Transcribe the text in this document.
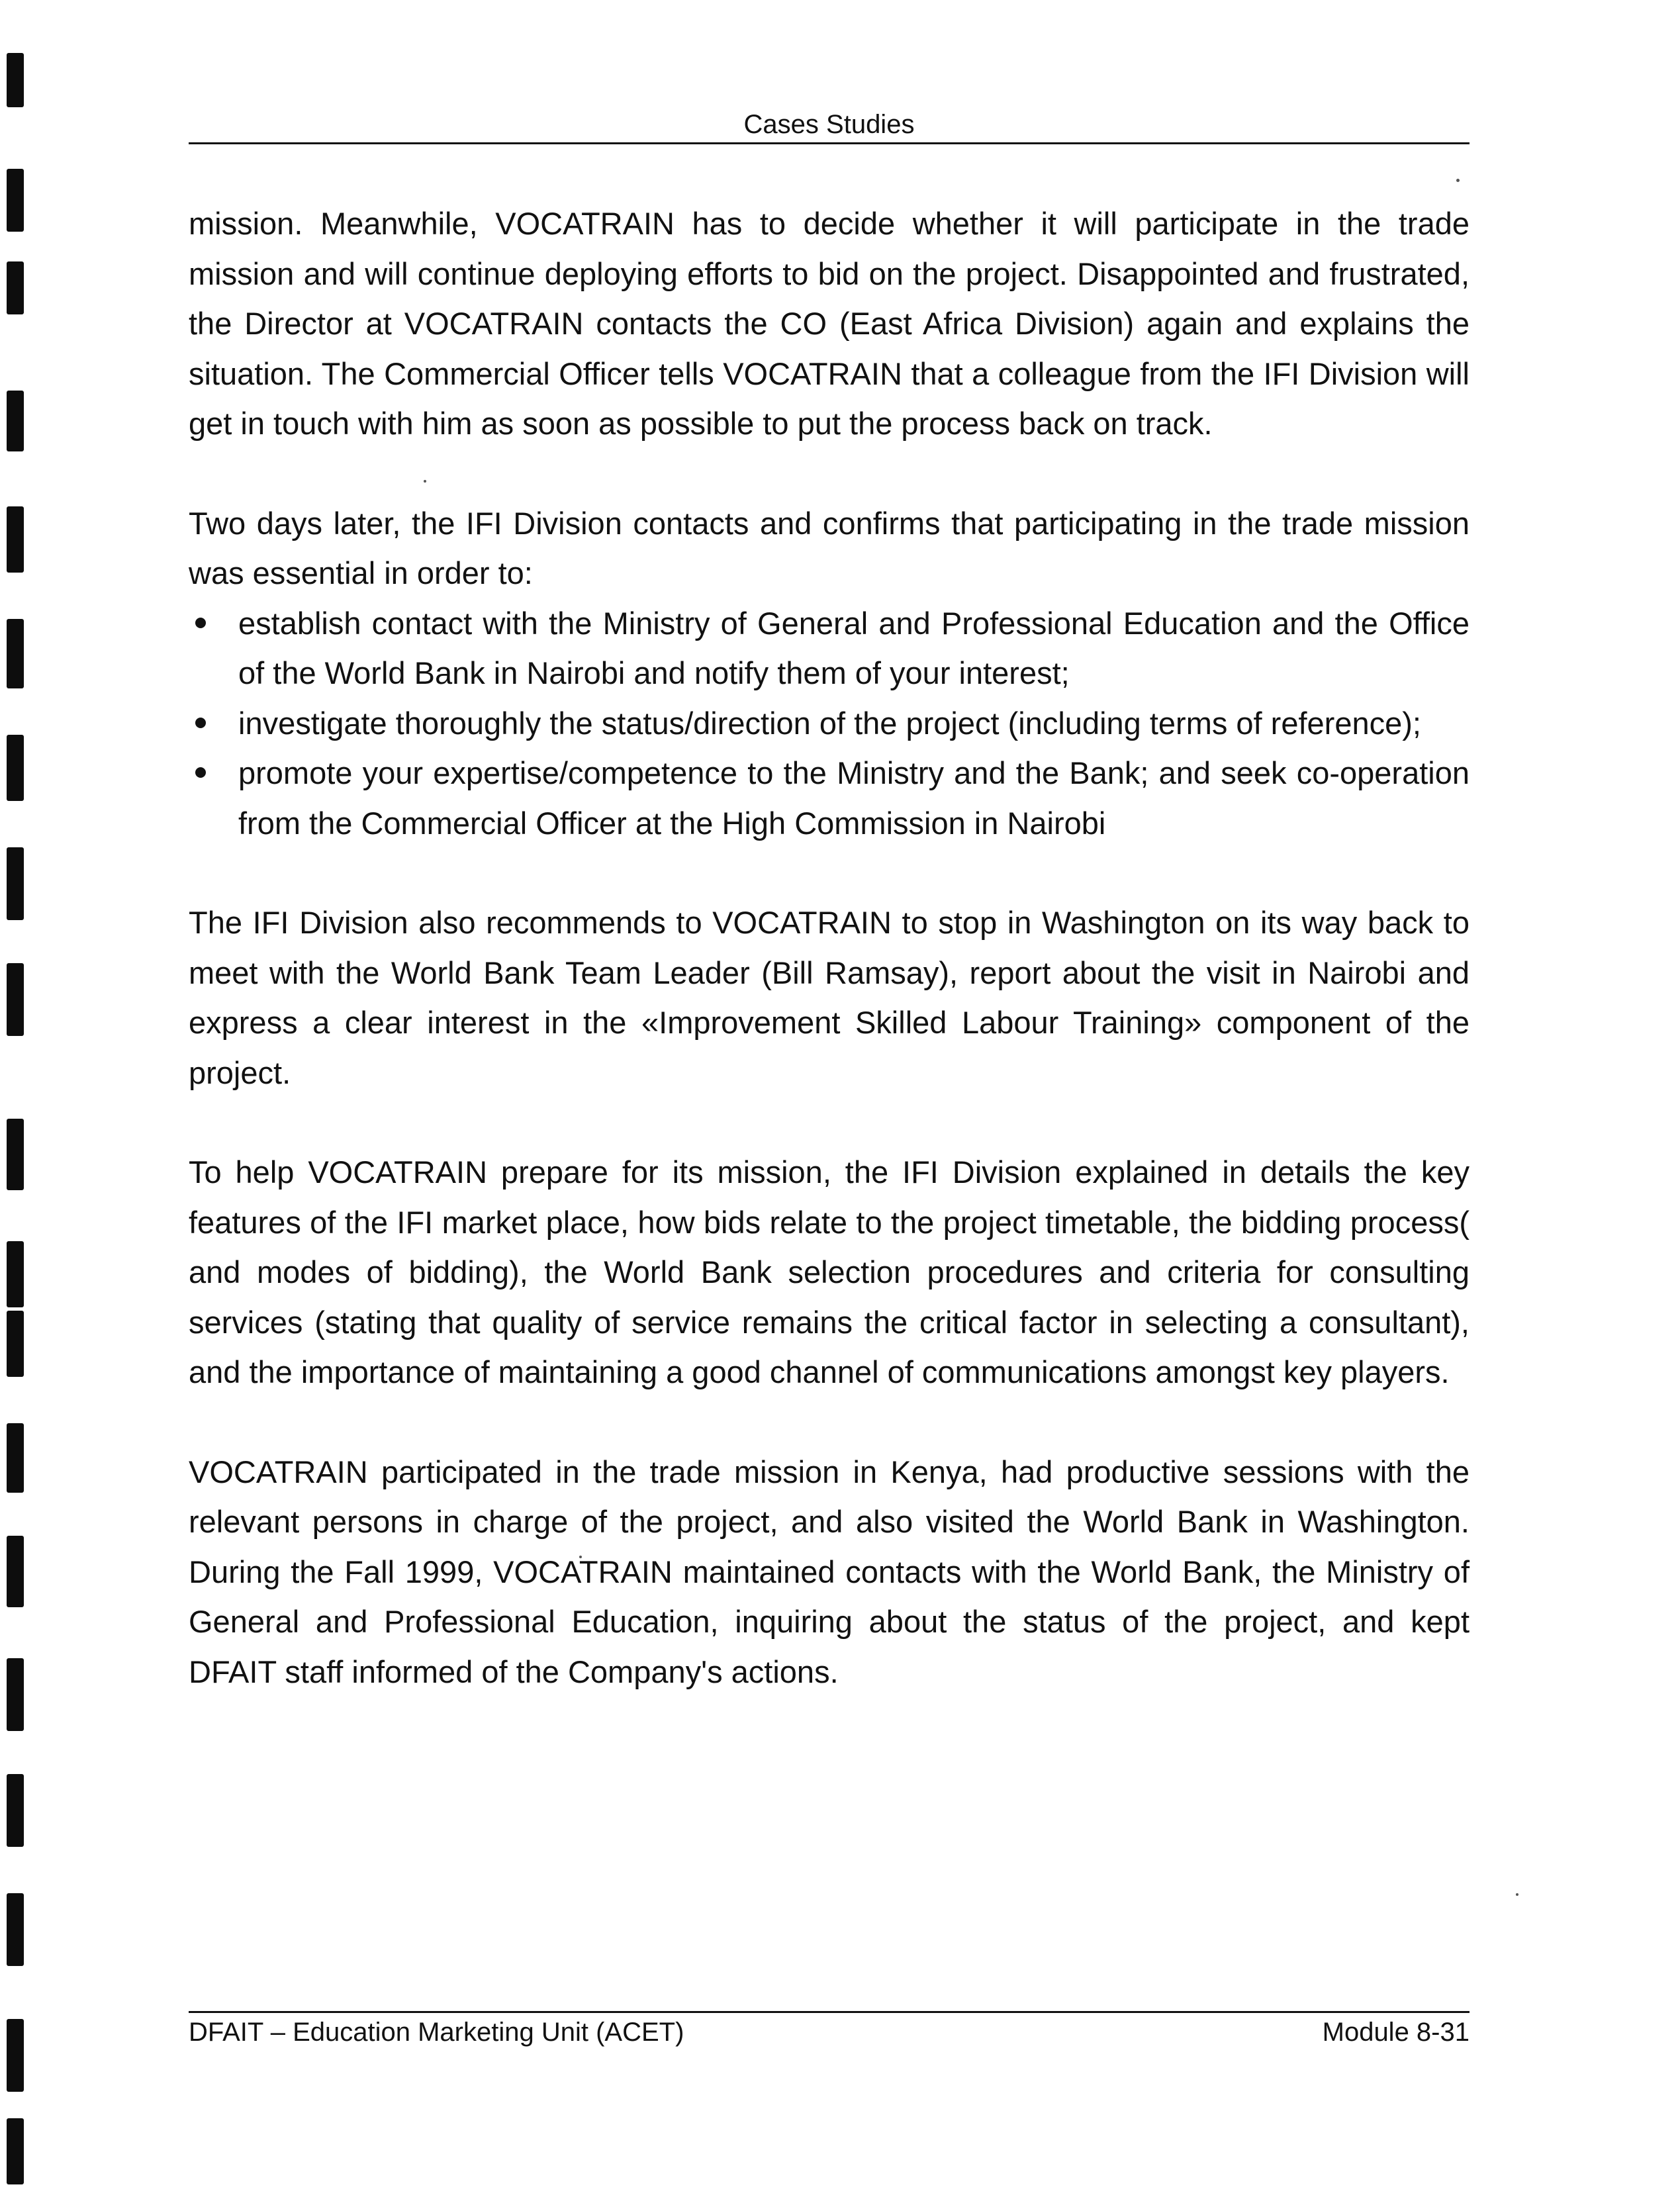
Cases Studies

mission. Meanwhile, VOCATRAIN has to decide whether it will participate in the trade mission and will continue deploying efforts to bid on the project. Disappointed and frustrated, the Director at VOCATRAIN contacts the CO (East Africa Division) again and explains the situation. The Commercial Officer tells VOCATRAIN that a colleague from the IFI Division will get in touch with him as soon as possible to put the process back on track.

Two days later, the IFI Division contacts and confirms that participating in the trade mission was essential in order to:

establish contact with the Ministry of General and Professional Education and the Office of the World Bank in Nairobi and notify them of your interest;
investigate thoroughly the status/direction of the project (including terms of reference);
promote your expertise/competence to the Ministry and the Bank; and seek co-operation from the Commercial Officer at the High Commission in Nairobi

The IFI Division also recommends to VOCATRAIN to stop in Washington on its way back to meet with the World Bank Team Leader (Bill Ramsay), report about the visit in Nairobi and express a clear interest in the «Improvement Skilled Labour Training» component of the project.

To help VOCATRAIN prepare for its mission, the IFI Division explained in details the key features of the IFI market place, how bids relate to the project timetable, the bidding process( and modes of bidding), the World Bank selection procedures and criteria for consulting services (stating that quality of service remains the critical factor in selecting a consultant), and the importance of maintaining a good channel of communications amongst key players.

VOCATRAIN participated in the trade mission in Kenya, had productive sessions with the relevant persons in charge of the project, and also visited the World Bank in Washington. During the Fall 1999, VOCATRAIN maintained contacts with the World Bank, the Ministry of General and Professional Education, inquiring about the status of the project, and kept DFAIT staff informed of the Company's actions.

DFAIT – Education Marketing Unit (ACET)	Module 8-31
